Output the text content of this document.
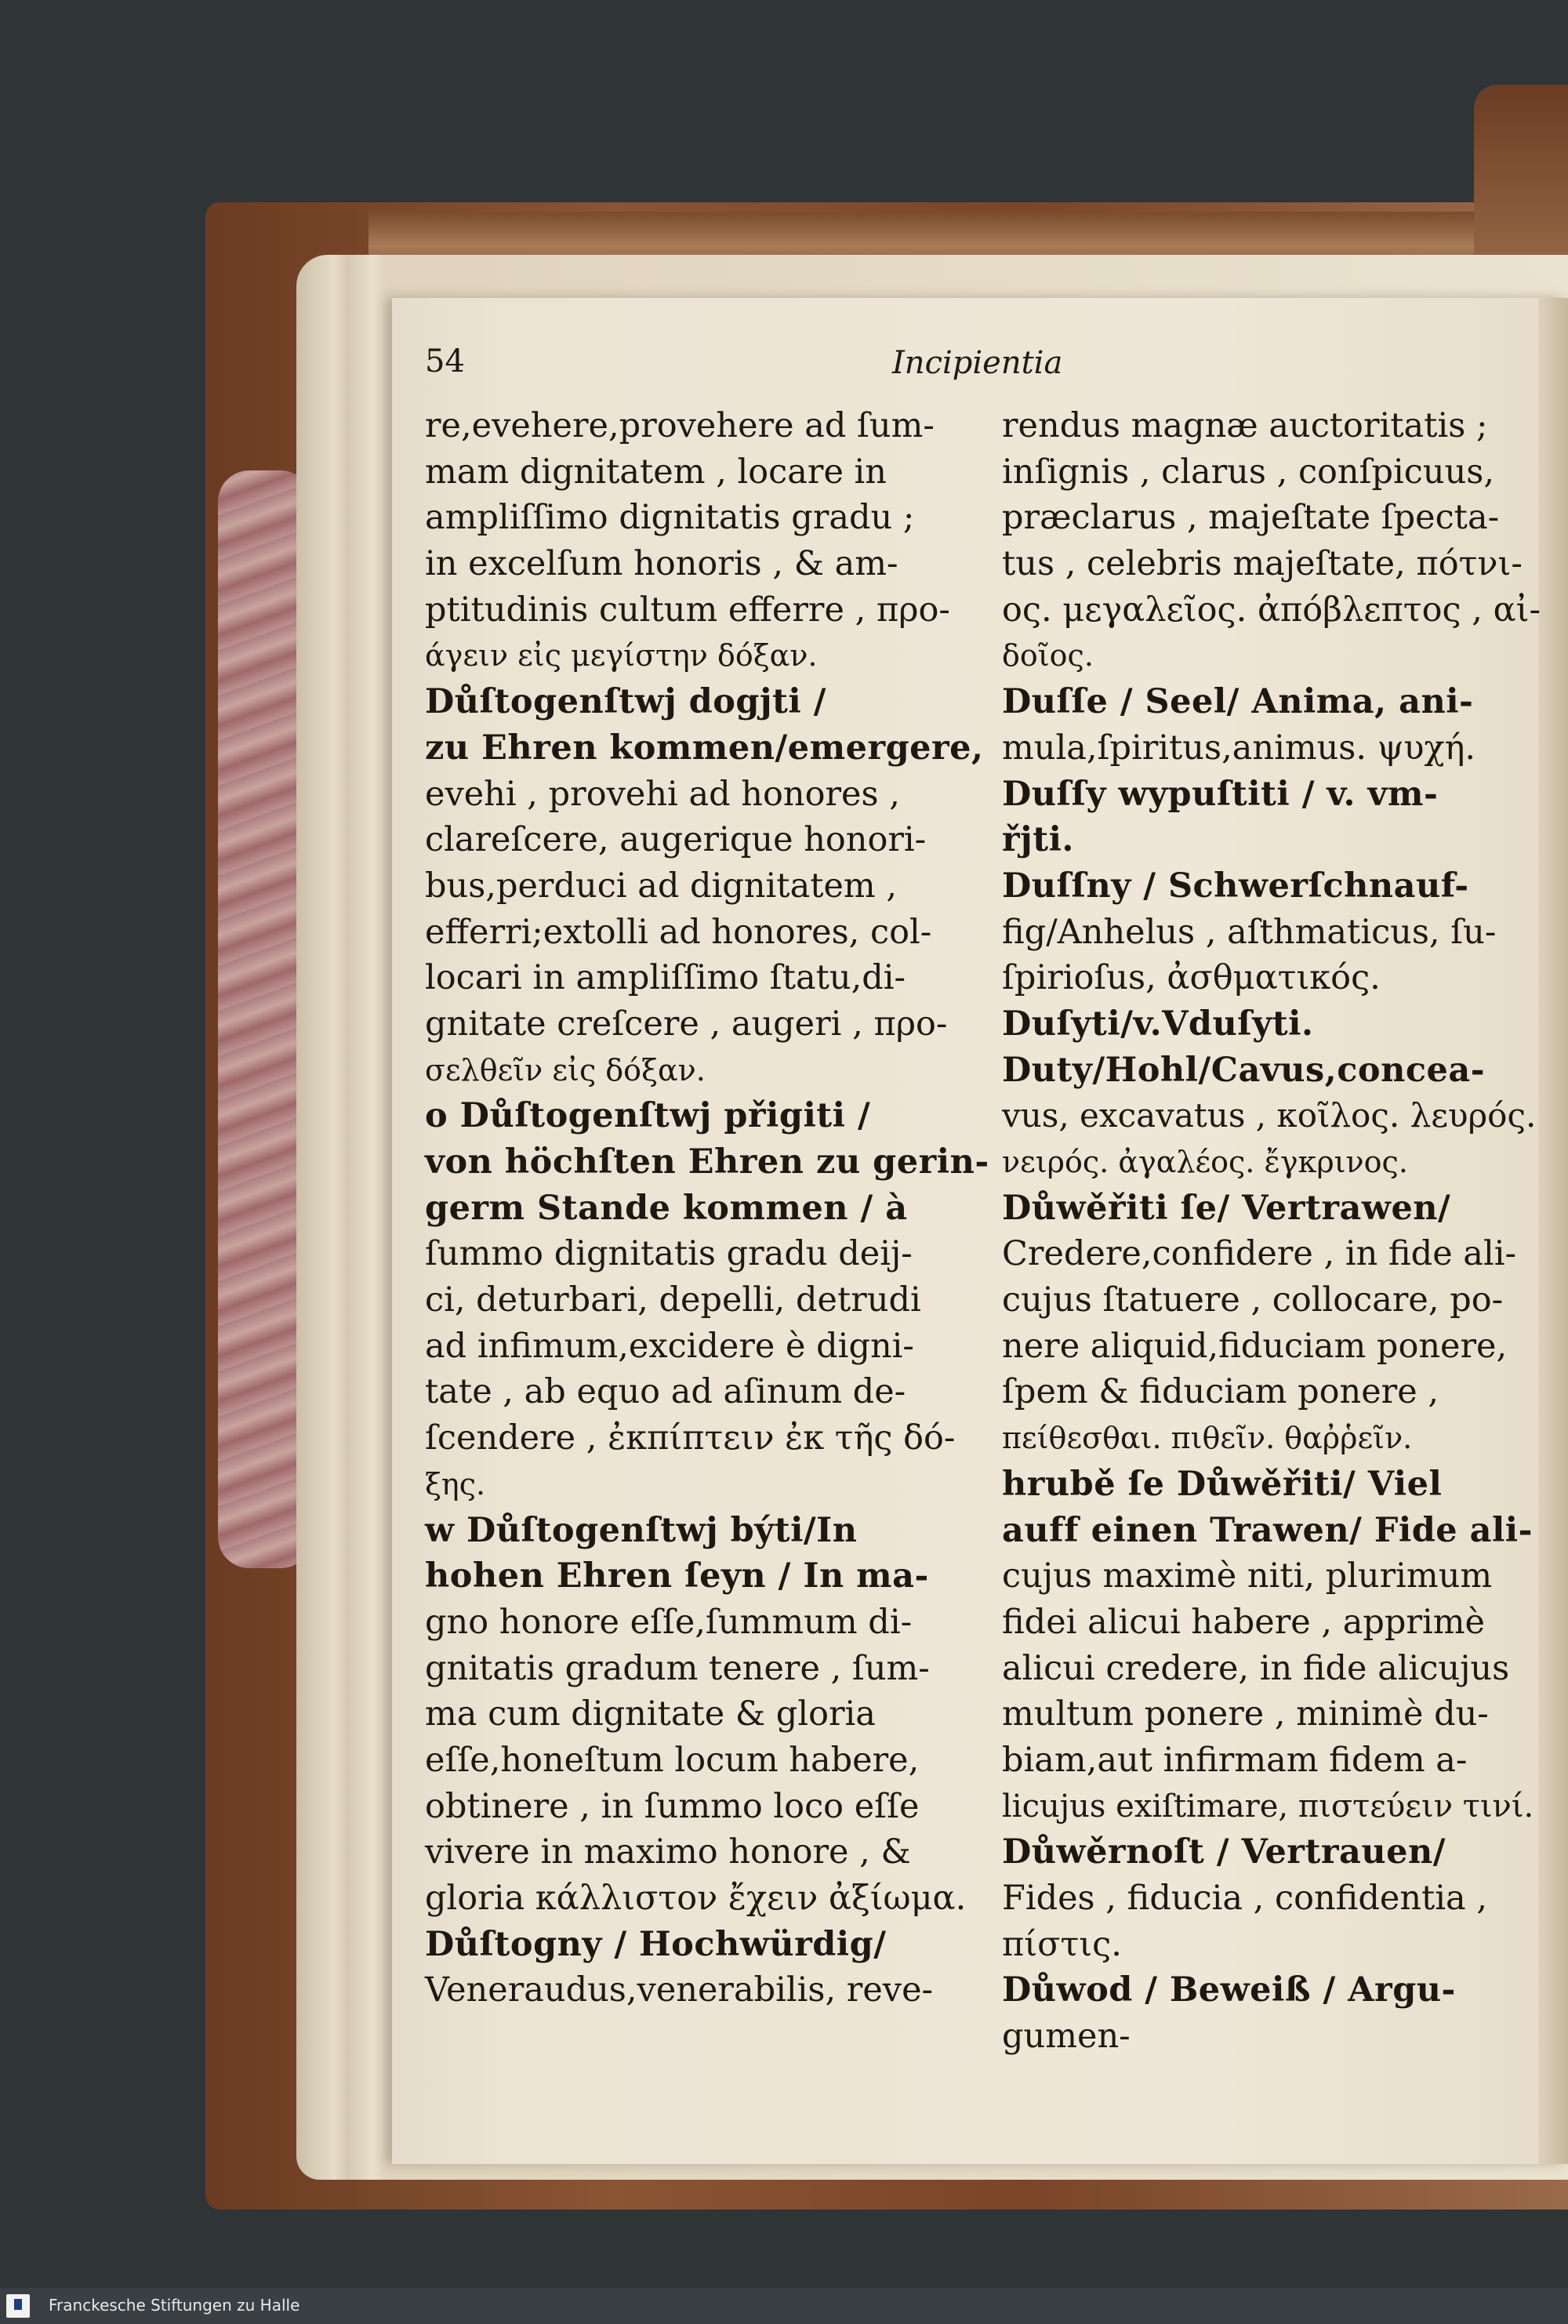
54	Incipientia
re,evehere,provehere ad ſum-
mam dignitatem , locare in
ampliſſimo dignitatis gradu ;
in excelſum honoris , & am-
ptitudinis cultum efferre , προ-
άγειν εἰς μεγίστην δόξαν.
Důſtogenſtwj dogjti /
zu Ehren kommen/emergere,
evehi , provehi ad honores ,
clareſcere, augerique honori-
bus,perduci ad dignitatem ,
efferri;extolli ad honores, col-
locari in ampliſſimo ſtatu,di-
gnitate creſcere , augeri , προ-
σελθεῖν εἰς δόξαν.
o Důſtogenſtwj přigiti /
von höchſten Ehren zu gerin-
germ Stande kommen / à
ſummo dignitatis gradu deij-
ci, deturbari, depelli, detrudi
ad infimum,excidere è digni-
tate , ab equo ad aſinum de-
ſcendere , ἐκπίπτειν ἐκ τῆς δό-
ξης.
w Důſtogenſtwj býti/In
hohen Ehren ſeyn / In ma-
gno honore eſſe,ſummum di-
gnitatis gradum tenere , ſum-
ma cum dignitate & gloria
eſſe,honeſtum locum habere,
obtinere , in ſummo loco eſſe
vivere in maximo honore , &
gloria κάλλιστον ἔχειν ἀξίωμα.
Důſtogny / Hochwürdig/
Veneraudus,venerabilis, reve-
rendus magnæ auctoritatis ;
inſignis , clarus , conſpicuus,
præclarus , majeſtate ſpecta-
tus , celebris majeſtate, πότνι-
ος. μεγαλεῖος. ἀπόβλεπτος , αἰ-
δοῖος.
Duſſe / Seel/ Anima, ani-
mula,ſpiritus,animus. ψυχή.
Duſſy wypuſtiti / v. vm-
řjti.
Duſſny / Schwerſchnauf-
fig/Anhelus , aſthmaticus, ſu-
ſpirioſus, ἀσθματικός.
Duſyti/v.Vduſyti.
Duty/Hohl/Cavus,concea-
vus, excavatus , κοῖλος. λευρός.
νειρός. ἀγαλέος. ἔγκρινος.
Důwěřiti ſe/ Vertrawen/
Credere,confidere , in fide ali-
cujus ſtatuere , collocare, po-
nere aliquid,fiduciam ponere,
ſpem & fiduciam ponere ,
πείθεσθαι. πιθεῖν. θαῤῥεῖν.
hrubě ſe Důwěřiti/ Viel
auff einen Trawen/ Fide ali-
cujus maximè niti, plurimum
fidei alicui habere , apprimè
alicui credere, in fide alicujus
multum ponere , minimè du-
biam,aut infirmam fidem a-
licujus exiſtimare, πιστεύειν τινί.
Důwěrnoſt / Vertrauen/
Fides , fiducia , confidentia ,
πίστις.
Důwod / Beweiß / Argu-
gumen-
Franckesche Stiftungen zu Halle
